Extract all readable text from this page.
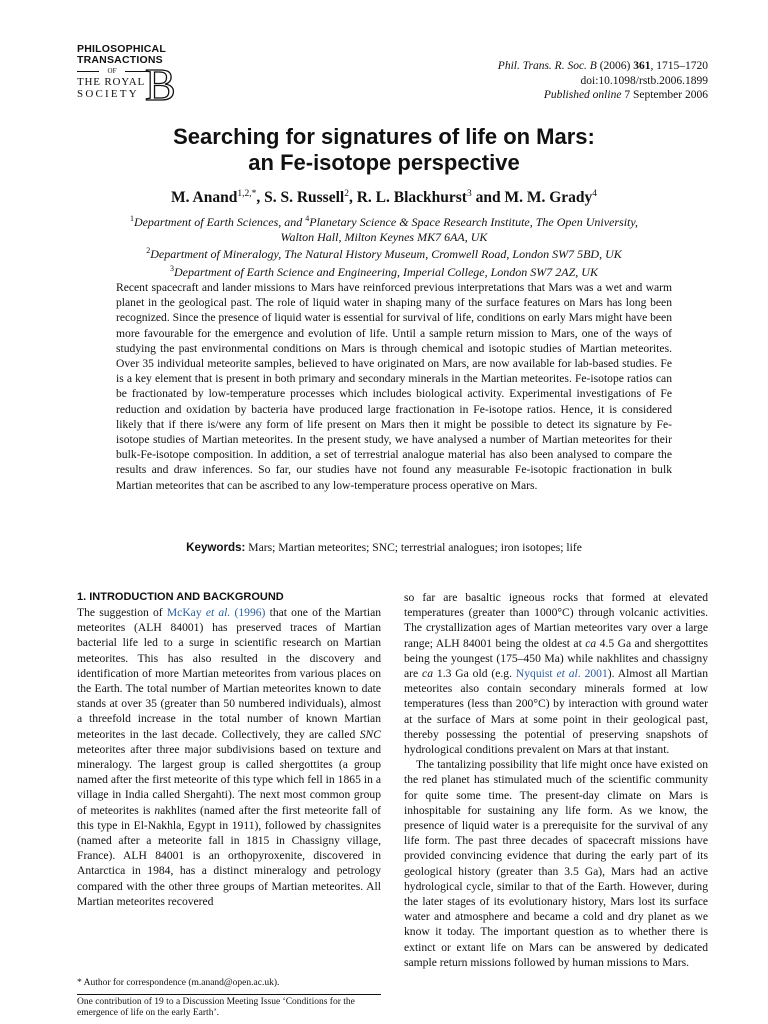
PHILOSOPHICAL
TRANSACTIONS
OF
THE ROYAL
SOCIETY B	Phil. Trans. R. Soc. B (2006) 361, 1715–1720
doi:10.1098/rstb.2006.1899
Published online 7 September 2006
Searching for signatures of life on Mars:
an Fe-isotope perspective
M. Anand$^{1,2,*}$, S. S. Russell$^2$, R. L. Blackhurst$^3$ and M. M. Grady$^4$
$^1$Department of Earth Sciences, and $^4$Planetary Science & Space Research Institute, The Open University,
Walton Hall, Milton Keynes MK7 6AA, UK
$^2$Department of Mineralogy, The Natural History Museum, Cromwell Road, London SW7 5BD, UK
$^3$Department of Earth Science and Engineering, Imperial College, London SW7 2AZ, UK
Recent spacecraft and lander missions to Mars have reinforced previous interpretations that Mars was a wet and warm planet in the geological past. The role of liquid water in shaping many of the surface features on Mars has long been recognized. Since the presence of liquid water is essential for survival of life, conditions on early Mars might have been more favourable for the emergence and evolution of life. Until a sample return mission to Mars, one of the ways of studying the past environmental conditions on Mars is through chemical and isotopic studies of Martian meteorites. Over 35 individual meteorite samples, believed to have originated on Mars, are now available for lab-based studies. Fe is a key element that is present in both primary and secondary minerals in the Martian meteorites. Fe-isotope ratios can be fractionated by low-temperature processes which includes biological activity. Experimental investigations of Fe reduction and oxidation by bacteria have produced large fractionation in Fe-isotope ratios. Hence, it is considered likely that if there is/were any form of life present on Mars then it might be possible to detect its signature by Fe-isotope studies of Martian meteorites. In the present study, we have analysed a number of Martian meteorites for their bulk-Fe-isotope composition. In addition, a set of terrestrial analogue material has also been analysed to compare the results and draw inferences. So far, our studies have not found any measurable Fe-isotopic fractionation in bulk Martian meteorites that can be ascribed to any low-temperature process operative on Mars.
Keywords: Mars; Martian meteorites; SNC; terrestrial analogues; iron isotopes; life

1. INTRODUCTION AND BACKGROUND

The suggestion of McKay et al. (1996) that one of the Martian meteorites (ALH 84001) has preserved traces of Martian bacterial life led to a surge in scientific research on Martian meteorites. This has also resulted in the discovery and identification of more Martian meteorites from various places on the Earth. The total number of Martian meteorites known to date stands at over 35 (greater than 50 numbered individuals), almost a threefold increase in the total number of known Martian meteorites in the last decade. Collectively, they are called SNC meteorites after three major subdivisions based on texture and mineralogy. The largest group is called shergottites (a group named after the first meteorite of this type which fell in 1865 in a village in India called Shergahti). The next most common group of meteorites is nakhlites (named after the first meteorite fall of this type in El-Nakhla, Egypt in 1911), followed by chassignites (named after a meteorite fall in 1815 in Chassigny village, France). ALH 84001 is an orthopyroxenite, discovered in Antarctica in 1984, has a distinct mineralogy and petrology compared with the other three groups of Martian meteorites. All Martian meteorites recovered

so far are basaltic igneous rocks that formed at elevated temperatures (greater than 1000°C) through volcanic activities. The crystallization ages of Martian meteorites vary over a large range; ALH 84001 being the oldest at ca 4.5 Ga and shergottites being the youngest (175–450 Ma) while nakhlites and chassigny are ca 1.3 Ga old (e.g. Nyquist et al. 2001). Almost all Martian meteorites also contain secondary minerals formed at low temperatures (less than 200°C) by interaction with ground water at the surface of Mars at some point in their geological past, thereby possessing the potential of preserving snapshots of hydrological conditions prevalent on Mars at that instant.

The tantalizing possibility that life might once have existed on the red planet has stimulated much of the scientific community for quite some time. The present-day climate on Mars is inhospitable for sustaining any life form. As we know, the presence of liquid water is a prerequisite for the survival of any life form. The past three decades of spacecraft missions have provided convincing evidence that during the early part of its geological history (greater than 3.5 Ga), Mars had an active hydrological cycle, similar to that of the Earth. However, during the later stages of its evolutionary history, Mars lost its surface water and atmosphere and became a cold and dry planet as we know it today. The important question as to whether there is extinct or extant life on Mars can be answered by dedicated sample return missions followed by human missions to Mars.

* Author for correspondence (m.anand@open.ac.uk).
One contribution of 19 to a Discussion Meeting Issue ‘Conditions for the emergence of life on the early Earth’.
